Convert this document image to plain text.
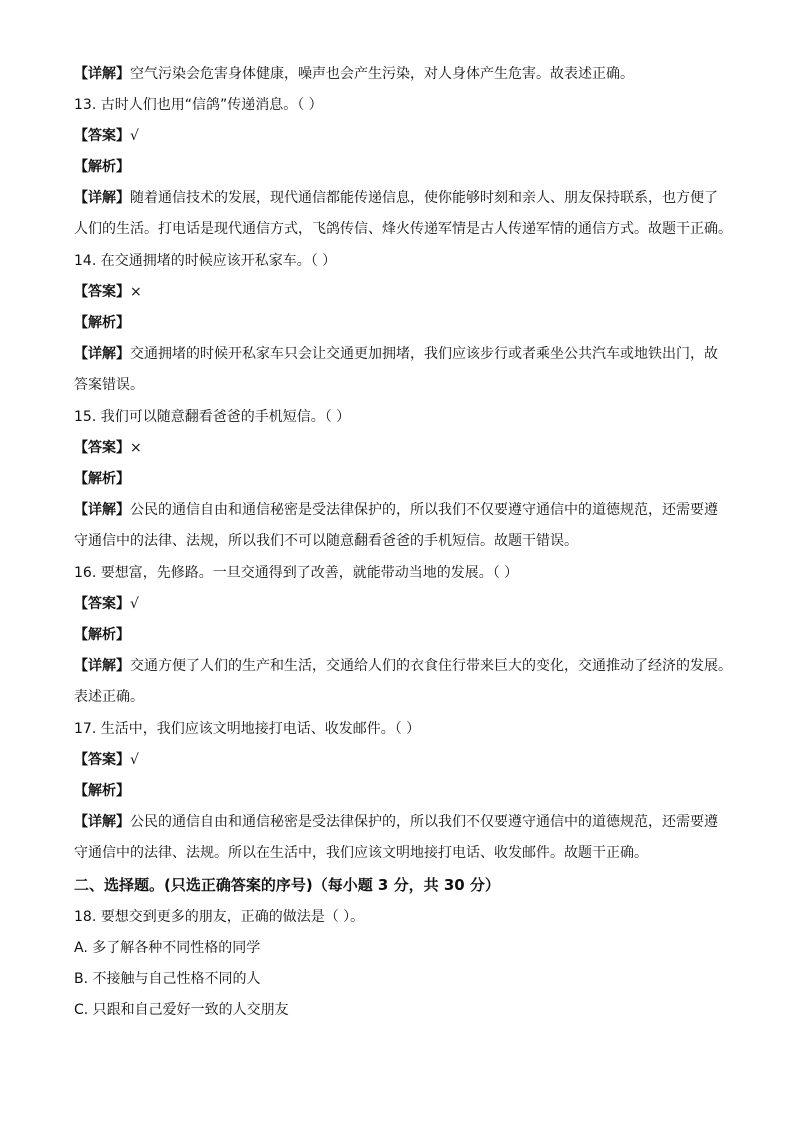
【详解】空气污染会危害身体健康，噪声也会产生污染，对人身体产生危害。故表述正确。
13. 古时人们也用“信鸽”传递消息。（ ）
【答案】√
【解析】
【详解】随着通信技术的发展，现代通信都能传递信息，使你能够时刻和亲人、朋友保持联系，也方便了
人们的生活。打电话是现代通信方式，飞鸽传信、烽火传递军情是古人传递军情的通信方式。故题干正确。
14. 在交通拥堵的时候应该开私家车。（ ）
【答案】×
【解析】
【详解】交通拥堵的时候开私家车只会让交通更加拥堵，我们应该步行或者乘坐公共汽车或地铁出门，故
答案错误。
15. 我们可以随意翻看爸爸的手机短信。（ ）
【答案】×
【解析】
【详解】公民的通信自由和通信秘密是受法律保护的，所以我们不仅要遵守通信中的道德规范，还需要遵
守通信中的法律、法规，所以我们不可以随意翻看爸爸的手机短信。故题干错误。
16. 要想富，先修路。一旦交通得到了改善，就能带动当地的发展。（ ）
【答案】√
【解析】
【详解】交通方便了人们的生产和生活，交通给人们的衣食住行带来巨大的变化，交通推动了经济的发展。
表述正确。
17. 生活中，我们应该文明地接打电话、收发邮件。（ ）
【答案】√
【解析】
【详解】公民的通信自由和通信秘密是受法律保护的，所以我们不仅要遵守通信中的道德规范，还需要遵
守通信中的法律、法规。所以在生活中，我们应该文明地接打电话、收发邮件。故题干正确。
二、选择题。(只选正确答案的序号)（每小题 3 分，共 30 分）
18. 要想交到更多的朋友，正确的做法是（ ）。
A. 多了解各种不同性格的同学
B. 不接触与自己性格不同的人
C. 只跟和自己爱好一致的人交朋友
